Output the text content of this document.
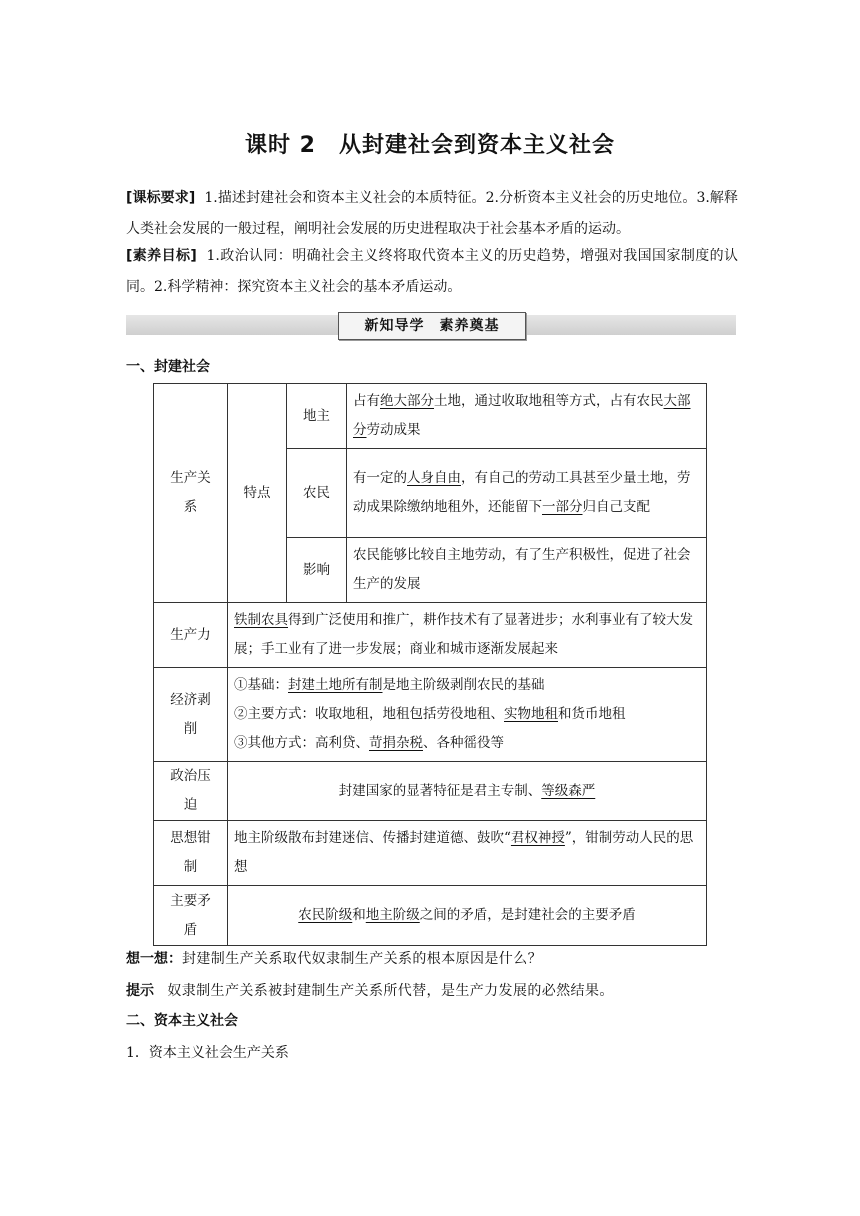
课时 2　从封建社会到资本主义社会
[课标要求] 1.描述封建社会和资本主义社会的本质特征。2.分析资本主义社会的历史地位。3.解释人类社会发展的一般过程，阐明社会发展的历史进程取决于社会基本矛盾的运动。
[素养目标] 1.政治认同：明确社会主义终将取代资本主义的历史趋势，增强对我国国家制度的认同。2.科学精神：探究资本主义社会的基本矛盾运动。
新知导学　素养奠基
一、封建社会
生产关系	特点	地主	占有绝大部分土地，通过收取地租等方式，占有农民大部分劳动成果
		农民	有一定的人身自由，有自己的劳动工具甚至少量土地，劳动成果除缴纳地租外，还能留下一部分归自己支配
		影响	农民能够比较自主地劳动，有了生产积极性，促进了社会生产的发展
生产力	铁制农具得到广泛使用和推广，耕作技术有了显著进步；水利事业有了较大发展；手工业有了进一步发展；商业和城市逐渐发展起来		
经济剥削	①基础：封建土地所有制是地主阶级剥削农民的基础
②主要方式：收取地租，地租包括劳役地租、实物地租和货币地租
③其他方式：高利贷、苛捐杂税、各种徭役等		

政治压迫	封建国家的显著特征是君主专制、等级森严		
思想钳制	地主阶级散布封建迷信、传播封建道德、鼓吹“君权神授”，钳制劳动人民的思想		
主要矛盾	农民阶级和地主阶级之间的矛盾，是封建社会的主要矛盾		
想一想：封建制生产关系取代奴隶制生产关系的根本原因是什么？
提示 奴隶制生产关系被封建制生产关系所代替，是生产力发展的必然结果。
二、资本主义社会
1．资本主义社会生产关系
